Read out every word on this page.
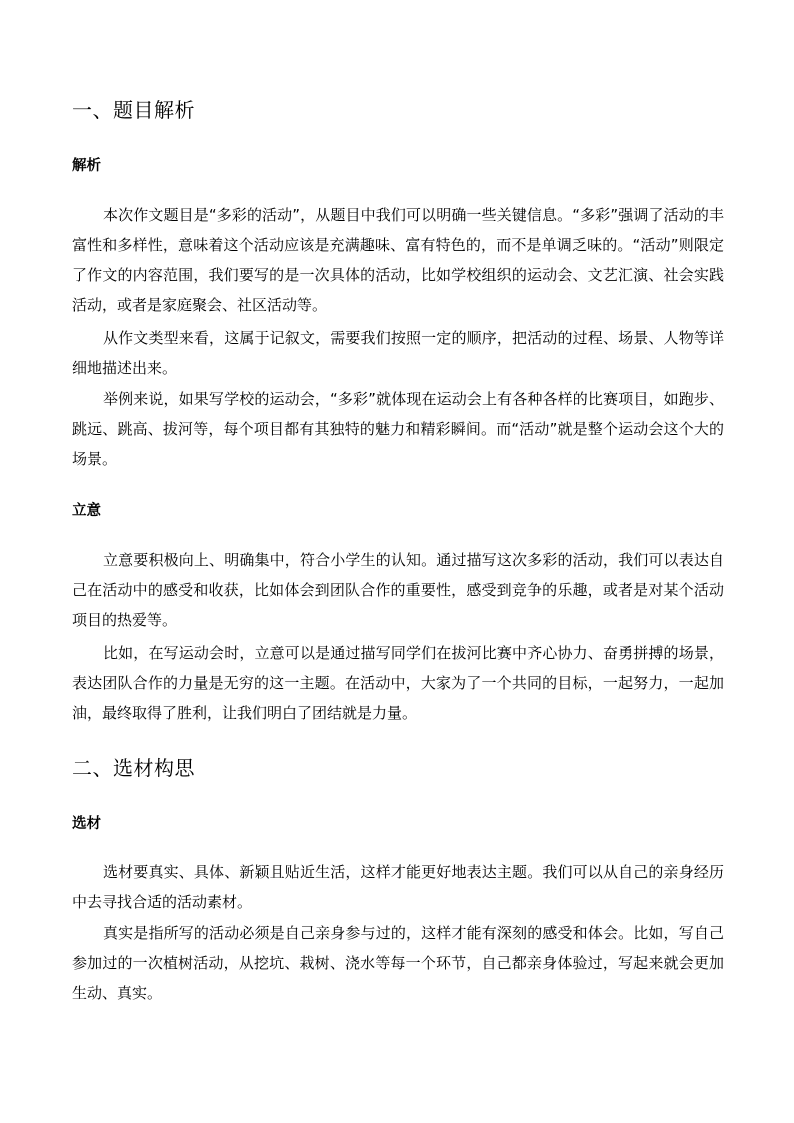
一、题目解析
解析

本次作文题目是“多彩的活动”，从题目中我们可以明确一些关键信息。“多彩”强调了活动的丰富性和多样性，意味着这个活动应该是充满趣味、富有特色的，而不是单调乏味的。“活动”则限定了作文的内容范围，我们要写的是一次具体的活动，比如学校组织的运动会、文艺汇演、社会实践活动，或者是家庭聚会、社区活动等。

从作文类型来看，这属于记叙文，需要我们按照一定的顺序，把活动的过程、场景、人物等详细地描述出来。

举例来说，如果写学校的运动会，“多彩”就体现在运动会上有各种各样的比赛项目，如跑步、跳远、跳高、拔河等，每个项目都有其独特的魅力和精彩瞬间。而“活动”就是整个运动会这个大的场景。

立意

立意要积极向上、明确集中，符合小学生的认知。通过描写这次多彩的活动，我们可以表达自己在活动中的感受和收获，比如体会到团队合作的重要性，感受到竞争的乐趣，或者是对某个活动项目的热爱等。

比如，在写运动会时，立意可以是通过描写同学们在拔河比赛中齐心协力、奋勇拼搏的场景，表达团队合作的力量是无穷的这一主题。在活动中，大家为了一个共同的目标，一起努力，一起加油，最终取得了胜利，让我们明白了团结就是力量。

二、选材构思
选材

选材要真实、具体、新颖且贴近生活，这样才能更好地表达主题。我们可以从自己的亲身经历中去寻找合适的活动素材。

真实是指所写的活动必须是自己亲身参与过的，这样才能有深刻的感受和体会。比如，写自己参加过的一次植树活动，从挖坑、栽树、浇水等每一个环节，自己都亲身体验过，写起来就会更加生动、真实。
